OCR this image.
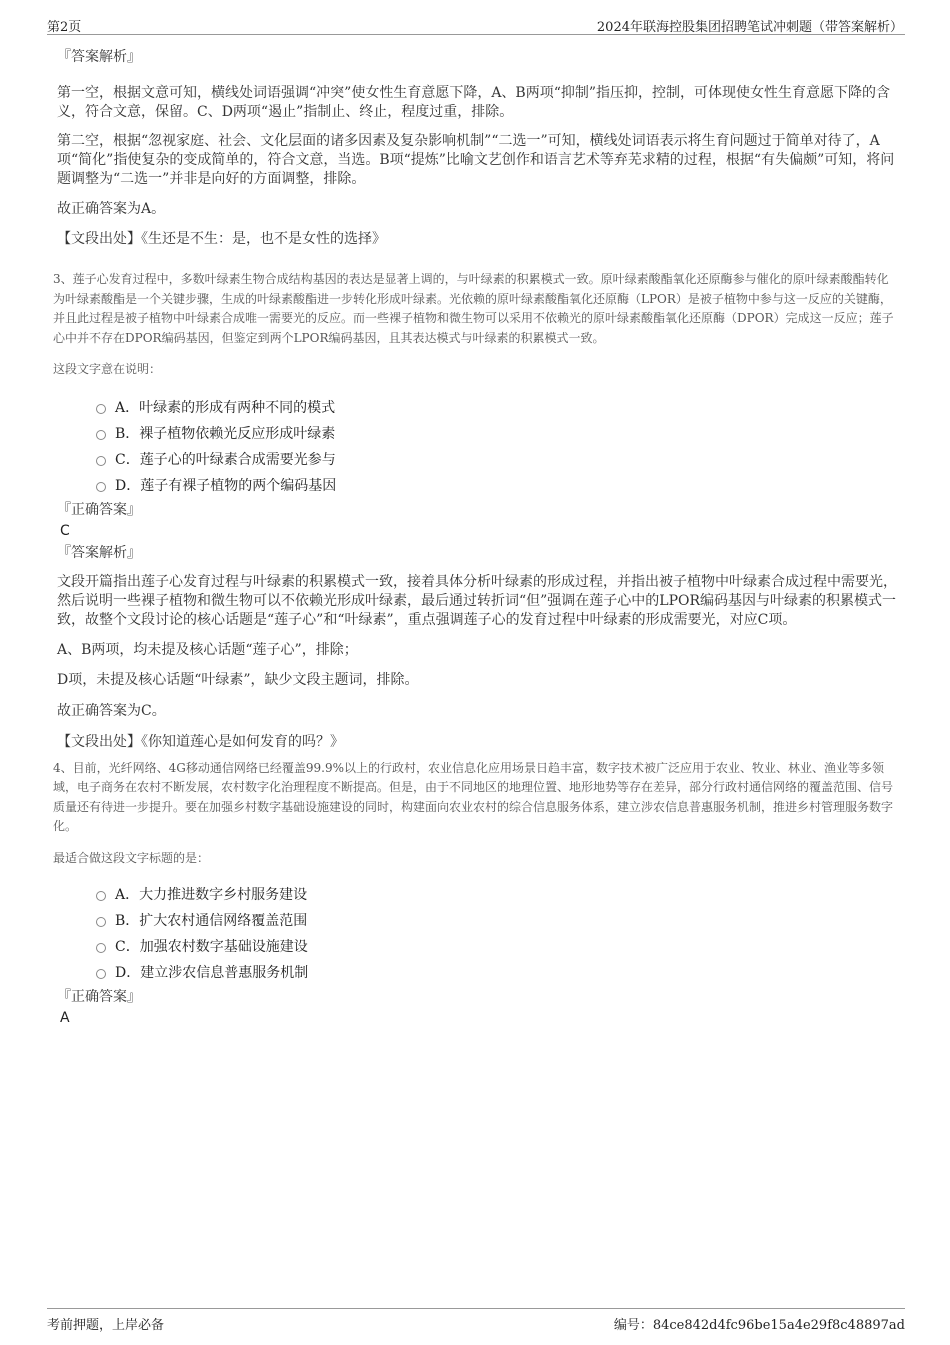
第2页	2024年联海控股集团招聘笔试冲刺题（带答案解析）

『答案解析』

第一空，根据文意可知，横线处词语强调“冲突”使女性生育意愿下降，A、B两项“抑制”指压抑，控制，可体现使女性生育意愿下降的含义，符合文意，保留。C、D两项“遏止”指制止、终止，程度过重，排除。

第二空，根据“忽视家庭、社会、文化层面的诸多因素及复杂影响机制”“二选一”可知，横线处词语表示将生育问题过于简单对待了，A项“简化”指使复杂的变成简单的，符合文意，当选。B项“提炼”比喻文艺创作和语言艺术等弃芜求精的过程，根据“有失偏颇”可知，将问题调整为“二选一”并非是向好的方面调整，排除。

故正确答案为A。

【文段出处】《生还是不生：是，也不是女性的选择》

3、莲子心发育过程中，多数叶绿素生物合成结构基因的表达是显著上调的，与叶绿素的积累模式一致。原叶绿素酸酯氧化还原酶参与催化的原叶绿素酸酯转化为叶绿素酸酯是一个关键步骤，生成的叶绿素酸酯进一步转化形成叶绿素。光依赖的原叶绿素酸酯氧化还原酶（LPOR）是被子植物中参与这一反应的关键酶，并且此过程是被子植物中叶绿素合成唯一需要光的反应。而一些裸子植物和微生物可以采用不依赖光的原叶绿素酸酯氧化还原酶（DPOR）完成这一反应；莲子心中并不存在DPOR编码基因，但鉴定到两个LPOR编码基因，且其表达模式与叶绿素的积累模式一致。

这段文字意在说明：

A．叶绿素的形成有两种不同的模式
B．裸子植物依赖光反应形成叶绿素
C．莲子心的叶绿素合成需要光参与
D．莲子有裸子植物的两个编码基因

『正确答案』

C

『答案解析』

文段开篇指出莲子心发育过程与叶绿素的积累模式一致，接着具体分析叶绿素的形成过程，并指出被子植物中叶绿素合成过程中需要光，然后说明一些裸子植物和微生物可以不依赖光形成叶绿素，最后通过转折词“但”强调在莲子心中的LPOR编码基因与叶绿素的积累模式一致，故整个文段讨论的核心话题是“莲子心”和“叶绿素”，重点强调莲子心的发育过程中叶绿素的形成需要光，对应C项。

A、B两项，均未提及核心话题“莲子心”，排除；

D项，未提及核心话题“叶绿素”，缺少文段主题词，排除。

故正确答案为C。

【文段出处】《你知道莲心是如何发育的吗？》

4、目前，光纤网络、4G移动通信网络已经覆盖99.9%以上的行政村，农业信息化应用场景日趋丰富，数字技术被广泛应用于农业、牧业、林业、渔业等多领域，电子商务在农村不断发展，农村数字化治理程度不断提高。但是，由于不同地区的地理位置、地形地势等存在差异，部分行政村通信网络的覆盖范围、信号质量还有待进一步提升。要在加强乡村数字基础设施建设的同时，构建面向农业农村的综合信息服务体系，建立涉农信息普惠服务机制，推进乡村管理服务数字化。

最适合做这段文字标题的是：

A．大力推进数字乡村服务建设
B．扩大农村通信网络覆盖范围
C．加强农村数字基础设施建设
D．建立涉农信息普惠服务机制

『正确答案』

A

考前押题，上岸必备	编号：84ce842d4fc96be15a4e29f8c48897ad
